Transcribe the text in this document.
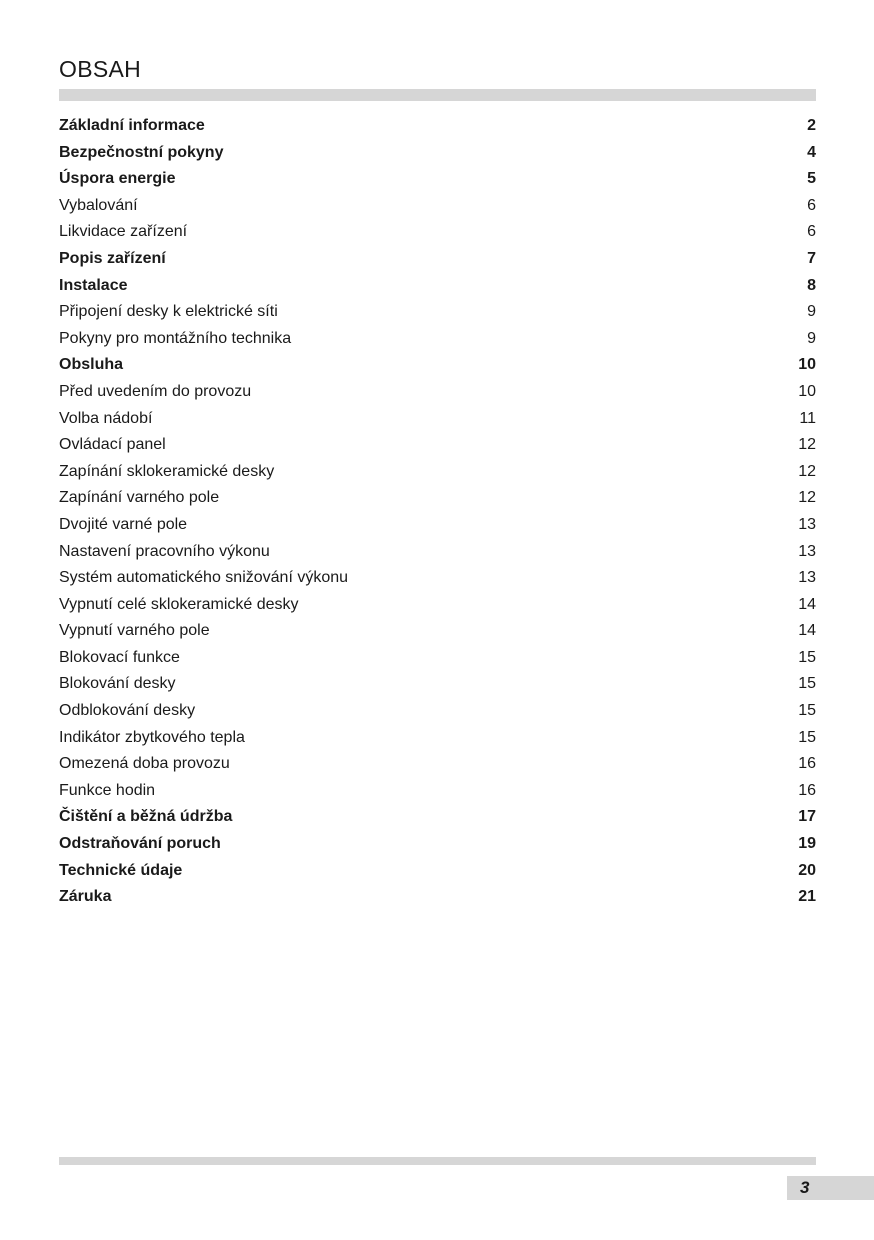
OBSAH
Základní informace	2
Bezpečnostní pokyny	4
Úspora energie	5
Vybalování	6
Likvidace zařízení	6
Popis zařízení	7
Instalace	8
Připojení desky k elektrické síti	9
Pokyny pro montážního technika	9
Obsluha	10
Před uvedením do provozu	10
Volba nádobí	11
Ovládací panel	12
Zapínání sklokeramické desky	12
Zapínání varného pole	12
Dvojité varné pole	13
Nastavení pracovního výkonu	13
Systém automatického snižování výkonu	13
Vypnutí celé sklokeramické desky	14
Vypnutí varného pole	14
Blokovací funkce	15
Blokování desky	15
Odblokování desky	15
Indikátor zbytkového tepla	15
Omezená doba provozu	16
Funkce hodin	16
Čištění a běžná údržba	17
Odstraňování poruch	19
Technické údaje	20
Záruka	21
3
